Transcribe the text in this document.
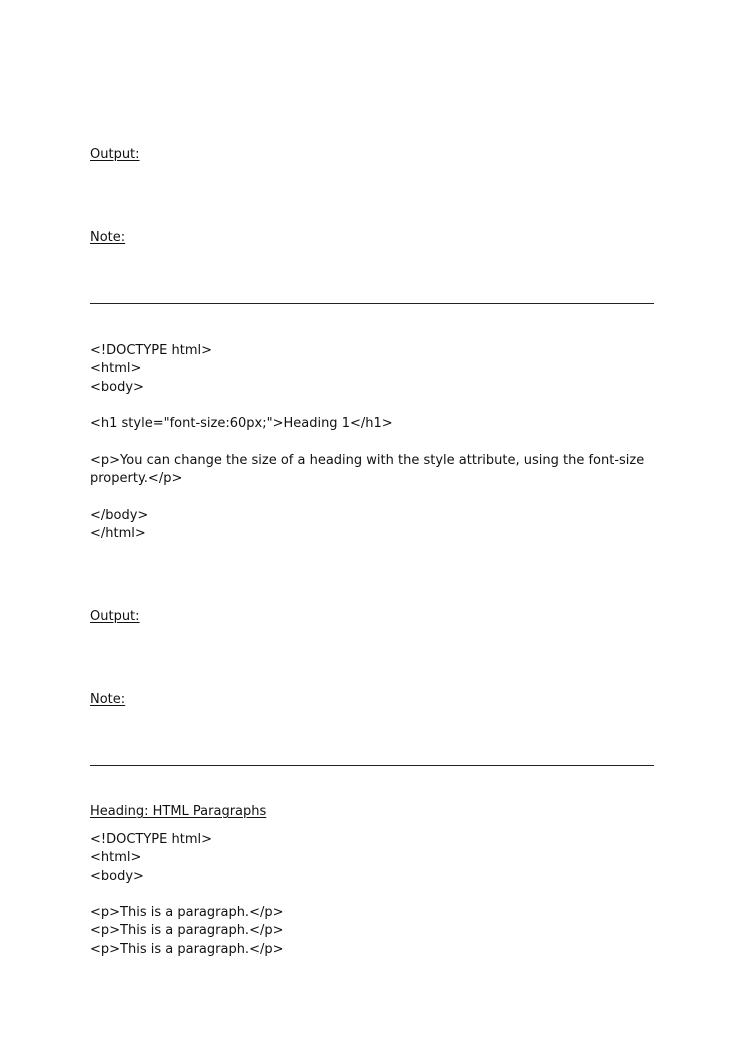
Output:
Note:
<!DOCTYPE html>
<html>
<body>
<h1 style="font-size:60px;">Heading 1</h1>
<p>You can change the size of a heading with the style attribute, using the font-size property.</p>
</body>
</html>
Output:
Note:
Heading: HTML Paragraphs
<!DOCTYPE html>
<html>
<body>
<p>This is a paragraph.</p>
<p>This is a paragraph.</p>
<p>This is a paragraph.</p>
